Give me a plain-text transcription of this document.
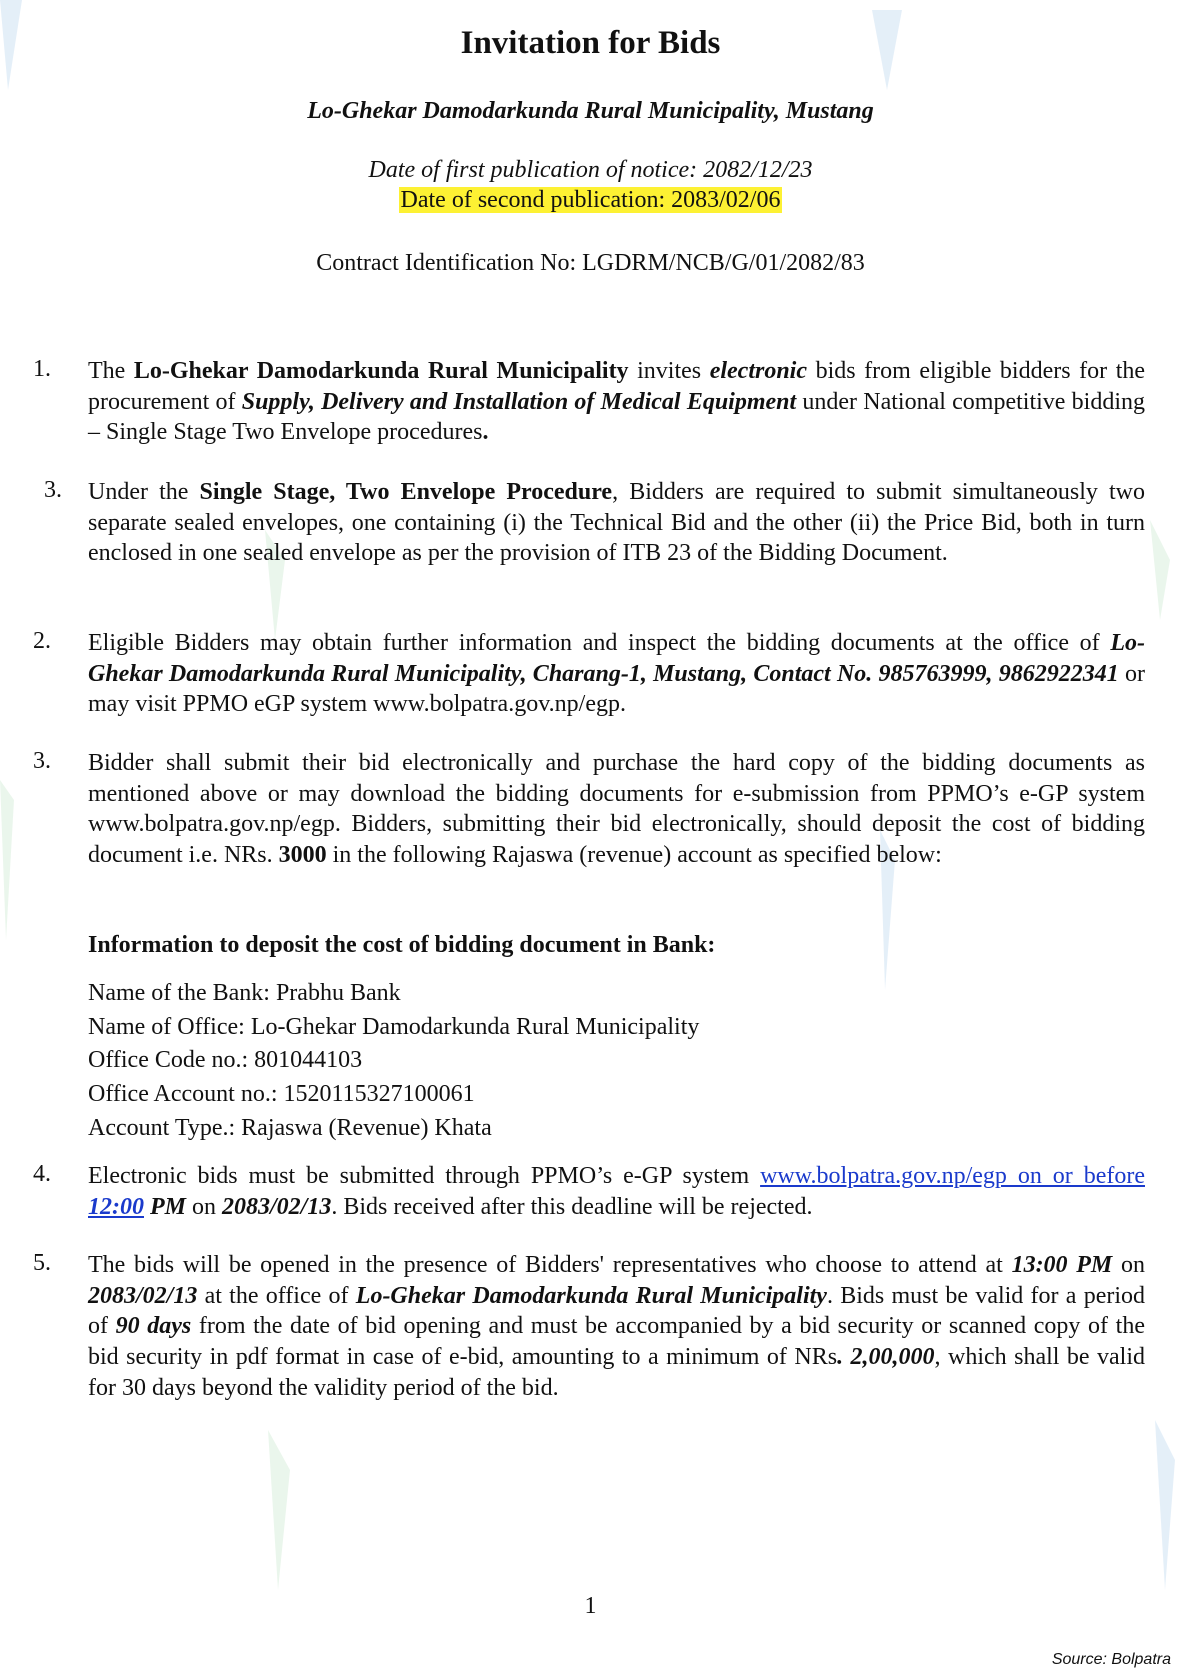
Invitation for Bids
Lo-Ghekar Damodarkunda Rural Municipality, Mustang
Date of first publication of notice: 2082/12/23
Date of second publication: 2083/02/06
Contract Identification No: LGDRM/NCB/G/01/2082/83
1. The Lo-Ghekar Damodarkunda Rural Municipality invites electronic bids from eligible bidders for the procurement of Supply, Delivery and Installation of Medical Equipment under National competitive bidding – Single Stage Two Envelope procedures.
3. Under the Single Stage, Two Envelope Procedure, Bidders are required to submit simultaneously two separate sealed envelopes, one containing (i) the Technical Bid and the other (ii) the Price Bid, both in turn enclosed in one sealed envelope as per the provision of ITB 23 of the Bidding Document.
2. Eligible Bidders may obtain further information and inspect the bidding documents at the office of Lo-Ghekar Damodarkunda Rural Municipality, Charang-1, Mustang, Contact No. 985763999, 9862922341 or may visit PPMO eGP system www.bolpatra.gov.np/egp.
3. Bidder shall submit their bid electronically and purchase the hard copy of the bidding documents as mentioned above or may download the bidding documents for e-submission from PPMO’s e-GP system www.bolpatra.gov.np/egp. Bidders, submitting their bid electronically, should deposit the cost of bidding document i.e. NRs. 3000 in the following Rajaswa (revenue) account as specified below:
Information to deposit the cost of bidding document in Bank:
Name of the Bank: Prabhu Bank
Name of Office: Lo-Ghekar Damodarkunda Rural Municipality
Office Code no.: 801044103
Office Account no.: 1520115327100061
Account Type.: Rajaswa (Revenue) Khata
4. Electronic bids must be submitted through PPMO’s e-GP system www.bolpatra.gov.np/egp on or before 12:00 PM on 2083/02/13. Bids received after this deadline will be rejected.
5. The bids will be opened in the presence of Bidders' representatives who choose to attend at 13:00 PM on 2083/02/13 at the office of Lo-Ghekar Damodarkunda Rural Municipality. Bids must be valid for a period of 90 days from the date of bid opening and must be accompanied by a bid security or scanned copy of the bid security in pdf format in case of e-bid, amounting to a minimum of NRs. 2,00,000, which shall be valid for 30 days beyond the validity period of the bid.
1
Source: Bolpatra
